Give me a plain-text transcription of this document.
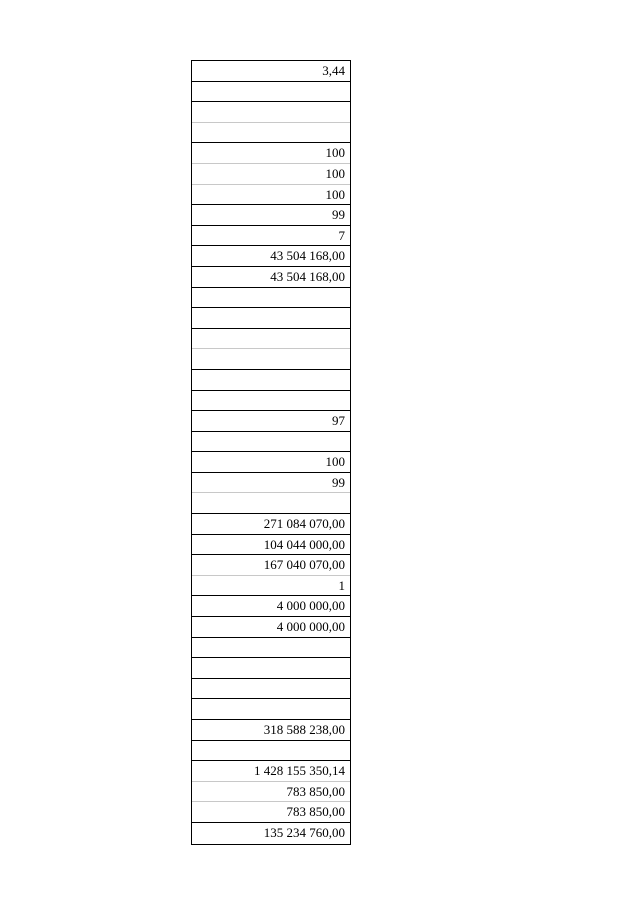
3,44
100
100
100
99
7
43 504 168,00
43 504 168,00
97
100
99
271 084 070,00
104 044 000,00
167 040 070,00
1
4 000 000,00
4 000 000,00
318 588 238,00
1 428 155 350,14
783 850,00
783 850,00
135 234 760,00
